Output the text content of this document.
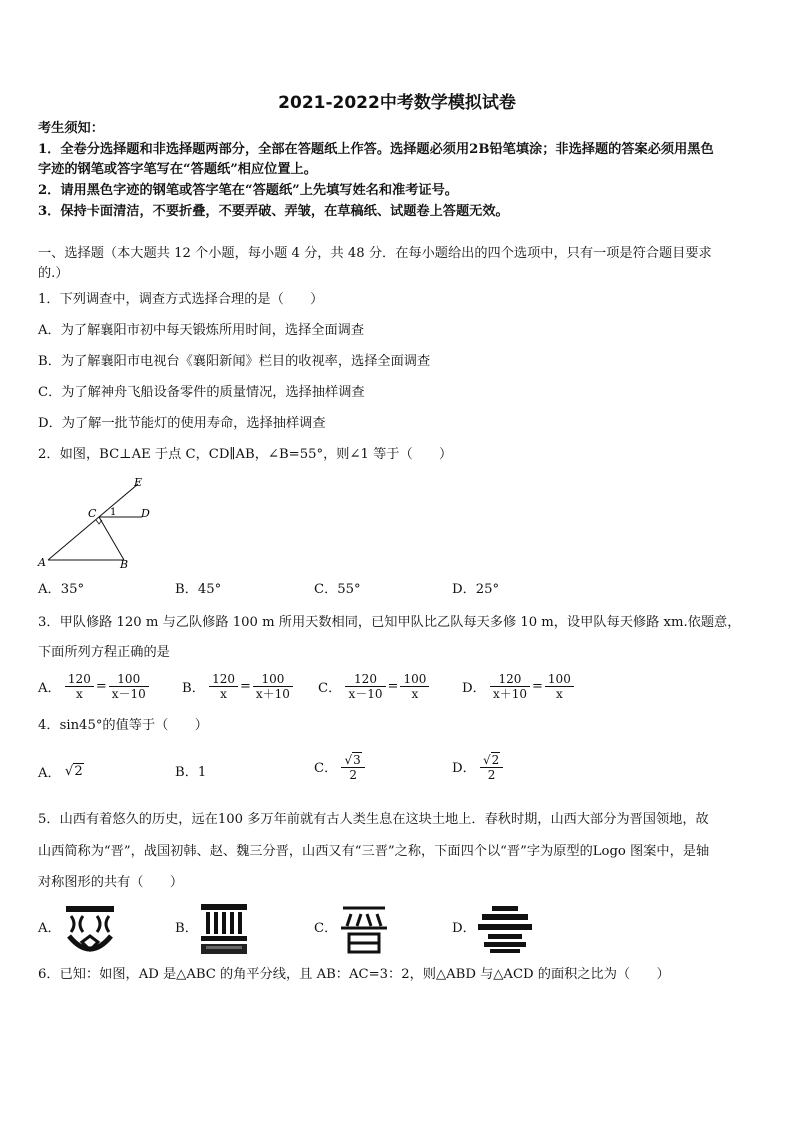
2021-2022中考数学模拟试卷
考生须知：
1．全卷分选择题和非选择题两部分，全部在答题纸上作答。选择题必须用2B铅笔填涂；非选择题的答案必须用黑色
字迹的钢笔或答字笔写在“答题纸”相应位置上。
2．请用黑色字迹的钢笔或答字笔在“答题纸”上先填写姓名和准考证号。
3．保持卡面清洁，不要折叠，不要弄破、弄皱，在草稿纸、试题卷上答题无效。
一、选择题（本大题共 12 个小题，每小题 4 分，共 48 分．在每小题给出的四个选项中，只有一项是符合题目要求
的.）
1．下列调查中，调查方式选择合理的是（　　）
A．为了解襄阳市初中每天锻炼所用时间，选择全面调查
B．为了解襄阳市电视台《襄阳新闻》栏目的收视率，选择全面调查
C．为了解神舟飞船设备零件的质量情况，选择抽样调查
D．为了解一批节能灯的使用寿命，选择抽样调查
2．如图，BC⊥AE 于点 C，CD∥AB，∠B=55°，则∠1 等于（　　）
E
C 1 D
A	B
A．35°	B．45°	C．55°	D．25°
3．甲队修路 120 m 与乙队修路 100 m 所用天数相同，已知甲队比乙队每天多修 10 m，设甲队每天修路 xm.依题意，
下面所列方程正确的是
A． $\frac{120}{x} = \frac{100}{x-10}$	B． $\frac{120}{x} = \frac{100}{x+10}$ C． $\frac{120}{x-10} = \frac{100}{x}$ D． $\frac{120}{x+10} = \frac{100}{x}$
4．sin45°的值等于（　　）
A． √2	B．1	C． $\frac{√3}{2}$	D． $\frac{√2}{2}$
5．山西有着悠久的历史，远在100 多万年前就有古人类生息在这块土地上．春秋时期，山西大部分为晋国领地，故
山西简称为“晋”，战国初韩、赵、魏三分晋，山西又有“三晋”之称，下面四个以“晋”字为原型的Logo 图案中，是轴
对称图形的共有（　　）
A．	B．	C．	D．
6．已知：如图，AD 是△ABC 的角平分线，且 AB：AC=3：2，则△ABD 与△ACD 的面积之比为（　　）
